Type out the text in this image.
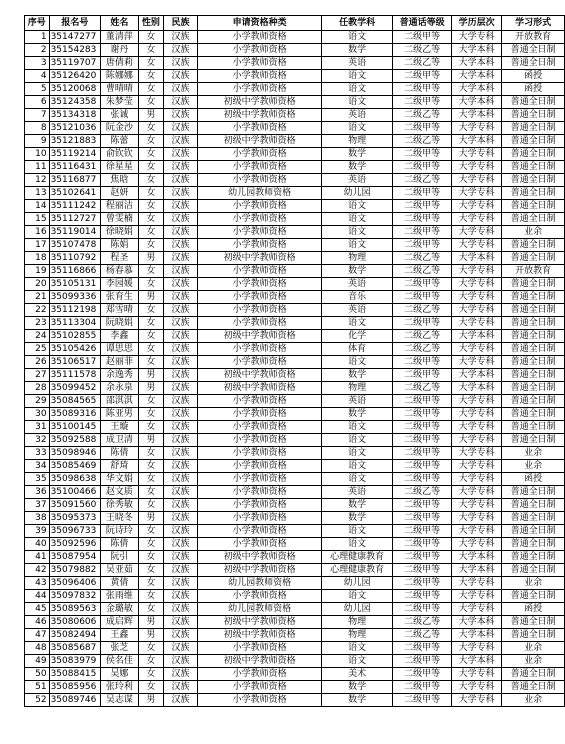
序号	报名号	姓名	性别	民族	申请资格种类	任教学科	普通话等级	学历层次	学习形式
1	35147277	董清萍	女	汉族	小学教师资格	语文	二级甲等	大学专科	开放教育
2	35154283	谢丹	女	汉族	小学教师资格	数学	二级乙等	大学本科	普通全日制
3	35119707	唐倩莉	女	汉族	小学教师资格	英语	二级乙等	大学本科	普通全日制
4	35126420	陈娜娜	女	汉族	小学教师资格	语文	二级甲等	大学本科	函授
5	35120068	曹晴晴	女	汉族	小学教师资格	语文	二级甲等	大学本科	函授
6	35124358	朱梦莹	女	汉族	初级中学教师资格	语文	二级甲等	大学本科	普通全日制
7	35134318	张诚	男	汉族	初级中学教师资格	英语	二级乙等	大学本科	普通全日制
8	35121036	阮金沙	女	汉族	小学教师资格	语文	二级甲等	大学专科	普通全日制
9	35121883	陈蕾	女	汉族	初级中学教师资格	物理	二级乙等	大学本科	普通全日制
10	35119214	俞钦钦	女	汉族	小学教师资格	数学	二级甲等	大学专科	普通全日制
11	35116431	徐星星	女	汉族	小学教师资格	数学	二级甲等	大学专科	普通全日制
12	35116877	焦晗	女	汉族	小学教师资格	英语	二级乙等	大学专科	普通全日制
13	35102641	赵妍	女	汉族	幼儿园教师资格	幼儿园	二级甲等	大学专科	普通全日制
14	35111242	程丽洁	女	汉族	小学教师资格	语文	二级甲等	大学专科	普通全日制
15	35112727	曾雯楠	女	汉族	小学教师资格	语文	二级甲等	大学专科	普通全日制
16	35119014	徐晓娟	女	汉族	小学教师资格	语文	二级甲等	大学专科	业余
17	35107478	陈娟	女	汉族	小学教师资格	语文	二级甲等	大学专科	普通全日制
18	35110792	程圣	男	汉族	初级中学教师资格	物理	二级乙等	大学本科	普通全日制
19	35116866	杨春慕	女	汉族	小学教师资格	数学	二级乙等	大学专科	开放教育
20	35105131	李园媛	女	汉族	小学教师资格	英语	二级甲等	大学专科	普通全日制
21	35099336	张育生	男	汉族	小学教师资格	音乐	二级甲等	大学专科	普通全日制
22	35112198	郑雪晴	女	汉族	小学教师资格	英语	二级乙等	大学专科	普通全日制
23	35113304	阮晓娟	女	汉族	小学教师资格	语文	二级甲等	大学专科	普通全日制
24	35102855	李鑫	女	汉族	初级中学教师资格	化学	二级乙等	大学本科	普通全日制
25	35105426	谭思思	女	汉族	小学教师资格	体育	二级乙等	大学专科	普通全日制
26	35106517	赵丽菲	女	汉族	小学教师资格	语文	二级甲等	大学专科	普通全日制
27	35111578	余逸秀	男	汉族	初级中学教师资格	数学	二级甲等	大学本科	普通全日制
28	35099452	余永泉	男	汉族	初级中学教师资格	物理	二级乙等	大学本科	普通全日制
29	35084565	邵淇淇	女	汉族	小学教师资格	英语	二级甲等	大学专科	普通全日制
30	35089316	陈亚男	女	汉族	小学教师资格	数学	二级甲等	大学专科	普通全日制
31	35100145	王璇	女	汉族	小学教师资格	语文	二级甲等	大学专科	普通全日制
32	35092588	成卫清	男	汉族	小学教师资格	语文	二级甲等	大学专科	普通全日制
33	35098946	陈倩	女	汉族	小学教师资格	语文	二级甲等	大学专科	业余
34	35085469	舒琦	女	汉族	小学教师资格	语文	二级甲等	大学专科	业余
35	35098638	华文娟	女	汉族	小学教师资格	语文	二级甲等	大学专科	函授
36	35100466	赵文质	女	汉族	小学教师资格	英语	二级乙等	大学专科	普通全日制
37	35091560	徐秀敏	女	汉族	小学教师资格	数学	二级甲等	大学专科	普通全日制
38	35095373	王晓冬	男	汉族	小学教师资格	数学	二级甲等	大学专科	普通全日制
39	35096733	阮诗玲	女	汉族	小学教师资格	语文	二级甲等	大学专科	普通全日制
40	35092596	陈倩	女	汉族	小学教师资格	语文	二级甲等	大学专科	普通全日制
41	35087954	阮引	女	汉族	初级中学教师资格	心理健康教育	二级甲等	大学本科	普通全日制
42	35079882	吴亚茹	女	汉族	初级中学教师资格	心理健康教育	二级甲等	大学本科	普通全日制
43	35096406	黄倩	女	汉族	幼儿园教师资格	幼儿园	二级甲等	大学专科	业余
44	35097832	张雨维	女	汉族	小学教师资格	语文	二级甲等	大学专科	普通全日制
45	35089563	金璐敏	女	汉族	幼儿园教师资格	幼儿园	二级甲等	大学专科	函授
46	35080606	成启辉	男	汉族	初级中学教师资格	物理	二级乙等	大学本科	普通全日制
47	35082494	王鑫	男	汉族	初级中学教师资格	物理	二级乙等	大学本科	普通全日制
48	35085687	张芝	女	汉族	小学教师资格	语文	二级甲等	大学专科	业余
49	35083979	侯名佳	女	汉族	初级中学教师资格	语文	二级甲等	大学本科	业余
50	35088415	吴娜	女	汉族	小学教师资格	美术	二级甲等	大学专科	普通全日制
51	35085956	张玲利	女	汉族	小学教师资格	数学	二级甲等	大学专科	普通全日制
52	35089746	吴志谋	男	汉族	小学教师资格	数学	二级甲等	大学专科	业余
